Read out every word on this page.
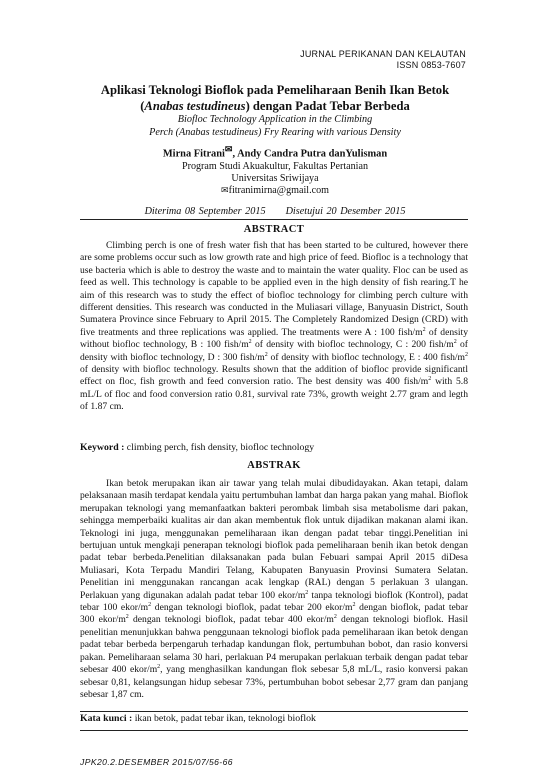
JURNAL PERIKANAN DAN KELAUTAN
ISSN 0853-7607
Aplikasi Teknologi Bioflok pada Pemeliharaan Benih Ikan Betok
(Anabas testudineus) dengan Padat Tebar Berbeda
Biofloc Technology Application in the Climbing
Perch (Anabas testudineus) Fry Rearing with various Density
Mirna Fitrani✉, Andy Candra Putra danYulisman
Program Studi Akuakultur, Fakultas Pertanian
Universitas Sriwijaya
✉fitranimirna@gmail.com
Diterima 08 September 2015 Disetujui 20 Desember 2015
ABSTRACT

Climbing perch is one of fresh water fish that has been started to be cultured, however there are some problems occur such as low growth rate and high price of feed. Biofloc is a technology that use bacteria which is able to destroy the waste and to maintain the water quality. Floc can be used as feed as well. This technology is capable to be applied even in the high density of fish rearing.T he aim of this research was to study the effect of biofloc technology for climbing perch culture with different densities. This research was conducted in the Muliasari village, Banyuasin District, South Sumatera Province since February to April 2015. The Completely Randomized Design (CRD) with five treatments and three replications was applied. The treatments were A : 100 fish/$m^2$ of density without biofloc technology, B : 100 fish/$m^2$ of density with biofloc technology, C : 200 fish/$m^2$ of density with biofloc technology, D : 300 fish/$m^2$ of density with biofloc technology, E : 400 fish/$m^2$ of density with biofloc technology. Results shown that the addition of biofloc provide significantl effect on floc, fish growth and feed conversion ratio. The best density was 400 fish/$m^2$ with 5.8 mL/L of floc and food conversion ratio 0.81, survival rate 73%, growth weight 2.77 gram and legth of 1.87 cm.

Keyword : climbing perch, fish density, biofloc technology
ABSTRAK

Ikan betok merupakan ikan air tawar yang telah mulai dibudidayakan. Akan tetapi, dalam pelaksanaan masih terdapat kendala yaitu pertumbuhan lambat dan harga pakan yang mahal. Bioflok merupakan teknologi yang memanfaatkan bakteri perombak limbah sisa metabolisme dari pakan, sehingga memperbaiki kualitas air dan akan membentuk flok untuk dijadikan makanan alami ikan. Teknologi ini juga, menggunakan pemeliharaan ikan dengan padat tebar tinggi.Penelitian ini bertujuan untuk mengkaji penerapan teknologi bioflok pada pemeliharaan benih ikan betok dengan padat tebar berbeda.Penelitian dilaksanakan pada bulan Febuari sampai April 2015 diDesa Muliasari, Kota Terpadu Mandiri Telang, Kabupaten Banyuasin Provinsi Sumatera Selatan. Penelitian ini menggunakan rancangan acak lengkap (RAL) dengan 5 perlakuan 3 ulangan. Perlakuan yang digunakan adalah padat tebar 100 ekor/$m^2$ tanpa teknologi bioflok (Kontrol), padat tebar 100 ekor/$m^2$ dengan teknologi bioflok, padat tebar 200 ekor/$m^2$ dengan bioflok, padat tebar 300 ekor/$m^2$ dengan teknologi bioflok, padat tebar 400 ekor/$m^2$ dengan teknologi bioflok. Hasil penelitian menunjukkan bahwa penggunaan teknologi bioflok pada pemeliharaan ikan betok dengan padat tebar berbeda berpengaruh terhadap kandungan flok, pertumbuhan bobot, dan rasio konversi pakan. Pemeliharaan selama 30 hari, perlakuan P4 merupakan perlakuan terbaik dengan padat tebar sebesar 400 ekor/$m^2$, yang menghasilkan kandungan flok sebesar 5,8 mL/L, rasio konversi pakan sebesar 0,81, kelangsungan hidup sebesar 73%, pertumbuhan bobot sebesar 2,77 gram dan panjang sebesar 1,87 cm.

Kata kunci : ikan betok, padat tebar ikan, teknologi bioflok
JPK20.2.DESEMBER 2015/07/56-66
